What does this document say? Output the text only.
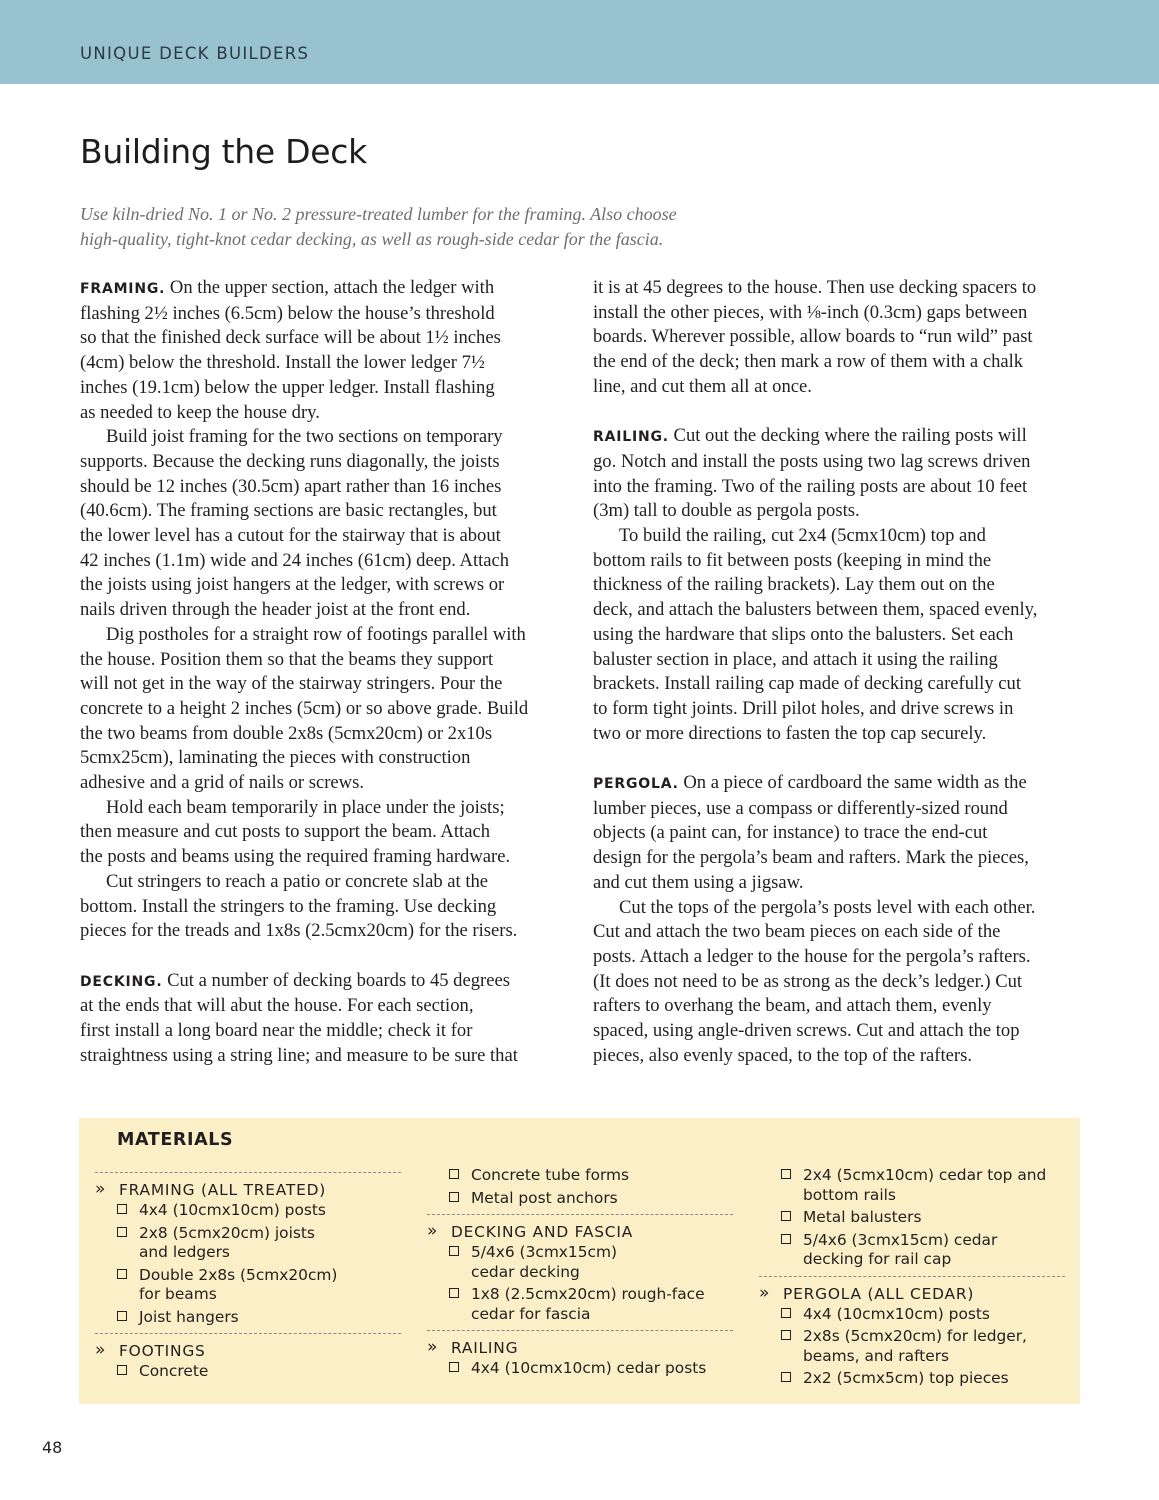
UNIQUE DECK BUILDERS
Building the Deck
Use kiln-dried No. 1 or No. 2 pressure-treated lumber for the framing. Also choose
high-quality, tight-knot cedar decking, as well as rough-side cedar for the fascia.
FRAMING. On the upper section, attach the ledger with
flashing 2½ inches (6.5cm) below the house’s threshold
so that the finished deck surface will be about 1½ inches
(4cm) below the threshold. Install the lower ledger 7½
inches (19.1cm) below the upper ledger. Install flashing
as needed to keep the house dry.
Build joist framing for the two sections on temporary
supports. Because the decking runs diagonally, the joists
should be 12 inches (30.5cm) apart rather than 16 inches
(40.6cm). The framing sections are basic rectangles, but
the lower level has a cutout for the stairway that is about
42 inches (1.1m) wide and 24 inches (61cm) deep. Attach
the joists using joist hangers at the ledger, with screws or
nails driven through the header joist at the front end.
Dig postholes for a straight row of footings parallel with
the house. Position them so that the beams they support
will not get in the way of the stairway stringers. Pour the
concrete to a height 2 inches (5cm) or so above grade. Build
the two beams from double 2x8s (5cmx20cm) or 2x10s
5cmx25cm), laminating the pieces with construction
adhesive and a grid of nails or screws.
Hold each beam temporarily in place under the joists;
then measure and cut posts to support the beam. Attach
the posts and beams using the required framing hardware.
Cut stringers to reach a patio or concrete slab at the
bottom. Install the stringers to the framing. Use decking
pieces for the treads and 1x8s (2.5cmx20cm) for the risers.
DECKING. Cut a number of decking boards to 45 degrees
at the ends that will abut the house. For each section,
first install a long board near the middle; check it for
straightness using a string line; and measure to be sure that
it is at 45 degrees to the house. Then use decking spacers to
install the other pieces, with ⅛-inch (0.3cm) gaps between
boards. Wherever possible, allow boards to “run wild” past
the end of the deck; then mark a row of them with a chalk
line, and cut them all at once.
RAILING. Cut out the decking where the railing posts will
go. Notch and install the posts using two lag screws driven
into the framing. Two of the railing posts are about 10 feet
(3m) tall to double as pergola posts.
To build the railing, cut 2x4 (5cmx10cm) top and
bottom rails to fit between posts (keeping in mind the
thickness of the railing brackets). Lay them out on the
deck, and attach the balusters between them, spaced evenly,
using the hardware that slips onto the balusters. Set each
baluster section in place, and attach it using the railing
brackets. Install railing cap made of decking carefully cut
to form tight joints. Drill pilot holes, and drive screws in
two or more directions to fasten the top cap securely.
PERGOLA. On a piece of cardboard the same width as the
lumber pieces, use a compass or differently-sized round
objects (a paint can, for instance) to trace the end-cut
design for the pergola’s beam and rafters. Mark the pieces,
and cut them using a jigsaw.
Cut the tops of the pergola’s posts level with each other.
Cut and attach the two beam pieces on each side of the
posts. Attach a ledger to the house for the pergola’s rafters.
(It does not need to be as strong as the deck’s ledger.) Cut
rafters to overhang the beam, and attach them, evenly
spaced, using angle-driven screws. Cut and attach the top
pieces, also evenly spaced, to the top of the rafters.
MATERIALS
» FRAMING (ALL TREATED)
4x4 (10cmx10cm) posts
2x8 (5cmx20cm) joists
and ledgers
Double 2x8s (5cmx20cm)
for beams
Joist hangers
» FOOTINGS
Concrete
Concrete tube forms
Metal post anchors
» DECKING AND FASCIA
5/4x6 (3cmx15cm)
cedar decking
1x8 (2.5cmx20cm) rough-face
cedar for fascia
» RAILING
4x4 (10cmx10cm) cedar posts
2x4 (5cmx10cm) cedar top and
bottom rails
Metal balusters
5/4x6 (3cmx15cm) cedar
decking for rail cap
» PERGOLA (ALL CEDAR)
4x4 (10cmx10cm) posts
2x8s (5cmx20cm) for ledger,
beams, and rafters
2x2 (5cmx5cm) top pieces
48
